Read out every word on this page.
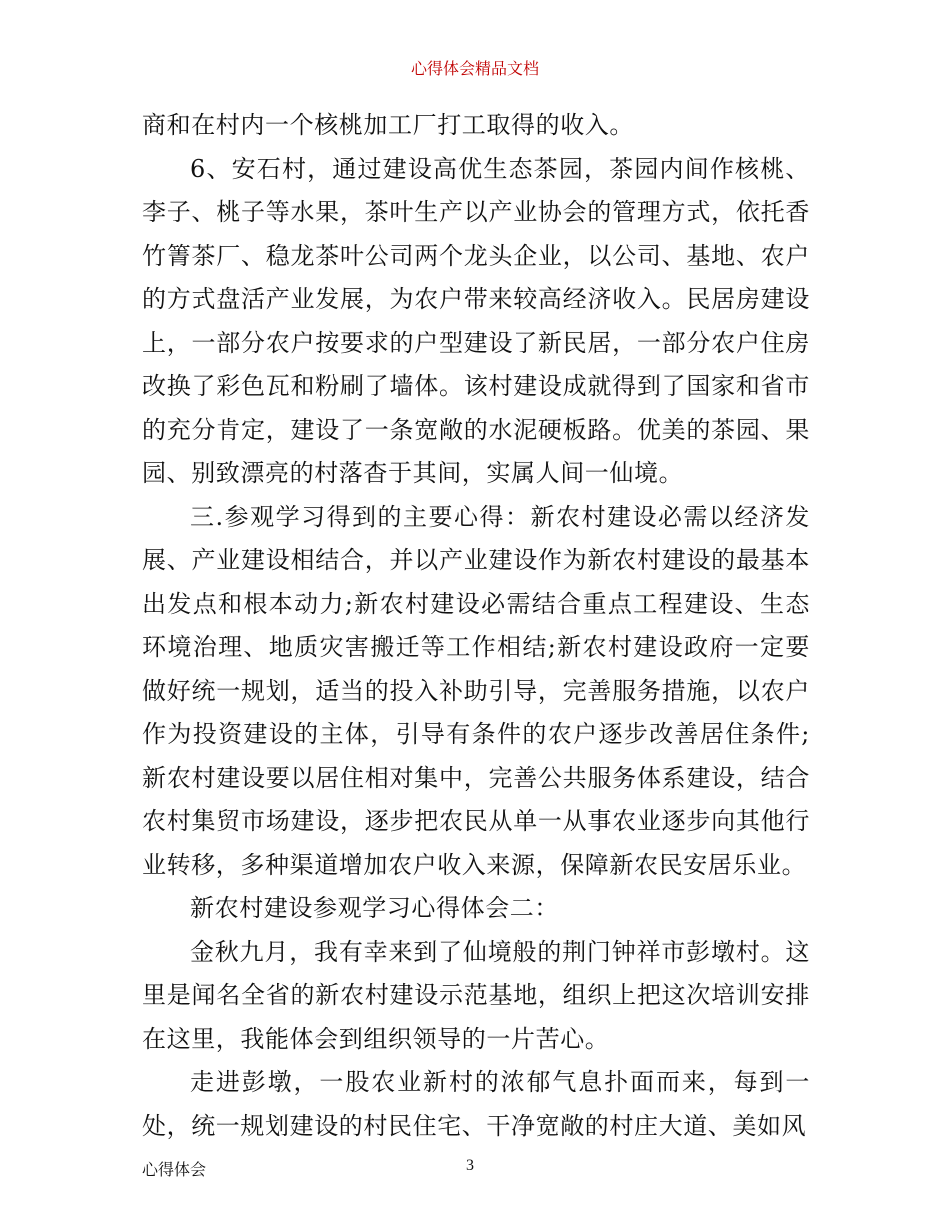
心得体会精品文档

商和在村内一个核桃加工厂打工取得的收入。

6、安石村，通过建设高优生态茶园，茶园内间作核桃、李子、桃子等水果，茶叶生产以产业协会的管理方式，依托香竹箐茶厂、稳龙茶叶公司两个龙头企业，以公司、基地、农户的方式盘活产业发展，为农户带来较高经济收入。民居房建设上，一部分农户按要求的户型建设了新民居，一部分农户住房改换了彩色瓦和粉刷了墙体。该村建设成就得到了国家和省市的充分肯定，建设了一条宽敞的水泥硬板路。优美的茶园、果园、别致漂亮的村落杳于其间，实属人间一仙境。

三.参观学习得到的主要心得：新农村建设必需以经济发展、产业建设相结合，并以产业建设作为新农村建设的最基本出发点和根本动力;新农村建设必需结合重点工程建设、生态环境治理、地质灾害搬迁等工作相结;新农村建设政府一定要做好统一规划，适当的投入补助引导，完善服务措施，以农户作为投资建设的主体，引导有条件的农户逐步改善居住条件;新农村建设要以居住相对集中，完善公共服务体系建设，结合农村集贸市场建设，逐步把农民从单一从事农业逐步向其他行业转移，多种渠道增加农户收入来源，保障新农民安居乐业。

新农村建设参观学习心得体会二：

金秋九月，我有幸来到了仙境般的荆门钟祥市彭墩村。这里是闻名全省的新农村建设示范基地，组织上把这次培训安排在这里，我能体会到组织领导的一片苦心。

走进彭墩，一股农业新村的浓郁气息扑面而来，每到一处，统一规划建设的村民住宅、干净宽敞的村庄大道、美如风

心得体会	3
